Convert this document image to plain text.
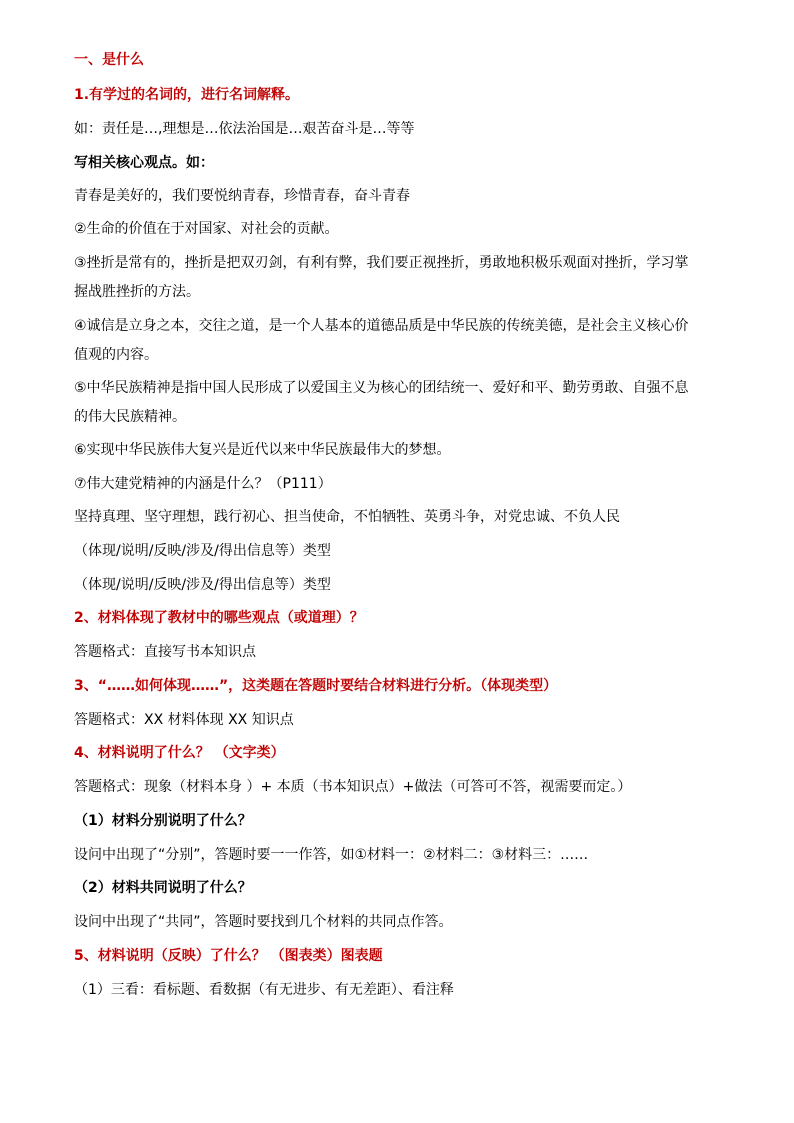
一、是什么
1.有学过的名词的，进行名词解释。
如：责任是…,理想是…依法治国是…艰苦奋斗是…等等
写相关核心观点。如：
青春是美好的，我们要悦纳青春，珍惜青春，奋斗青春
②生命的价值在于对国家、对社会的贡献。
③挫折是常有的，挫折是把双刃剑，有利有弊，我们要正视挫折，勇敢地积极乐观面对挫折，学习掌
握战胜挫折的方法。
④诚信是立身之本，交往之道，是一个人基本的道德品质是中华民族的传统美德，是社会主义核心价
值观的内容。
⑤中华民族精神是指中国人民形成了以爱国主义为核心的团结统一、爱好和平、勤劳勇敢、自强不息
的伟大民族精神。
⑥实现中华民族伟大复兴是近代以来中华民族最伟大的梦想。
⑦伟大建党精神的内涵是什么？（P111）
坚持真理、坚守理想，践行初心、担当使命，不怕牺牲、英勇斗争，对党忠诚、不负人民
（体现/说明/反映/涉及/得出信息等）类型
（体现/说明/反映/涉及/得出信息等）类型
2、材料体现了教材中的哪些观点（或道理）？
答题格式：直接写书本知识点
3、“……如何体现……”，这类题在答题时要结合材料进行分析。（体现类型）
答题格式：XX 材料体现 XX 知识点
4、材料说明了什么？ （文字类）
答题格式：现象（材料本身 ）+ 本质（书本知识点）+做法（可答可不答，视需要而定。）
（1）材料分别说明了什么？
设问中出现了“分别”，答题时要一一作答，如①材料一：②材料二：③材料三：……
（2）材料共同说明了什么？
设问中出现了“共同”，答题时要找到几个材料的共同点作答。
5、材料说明（反映）了什么？ （图表类）图表题
（1）三看：看标题、看数据（有无进步、有无差距）、看注释
